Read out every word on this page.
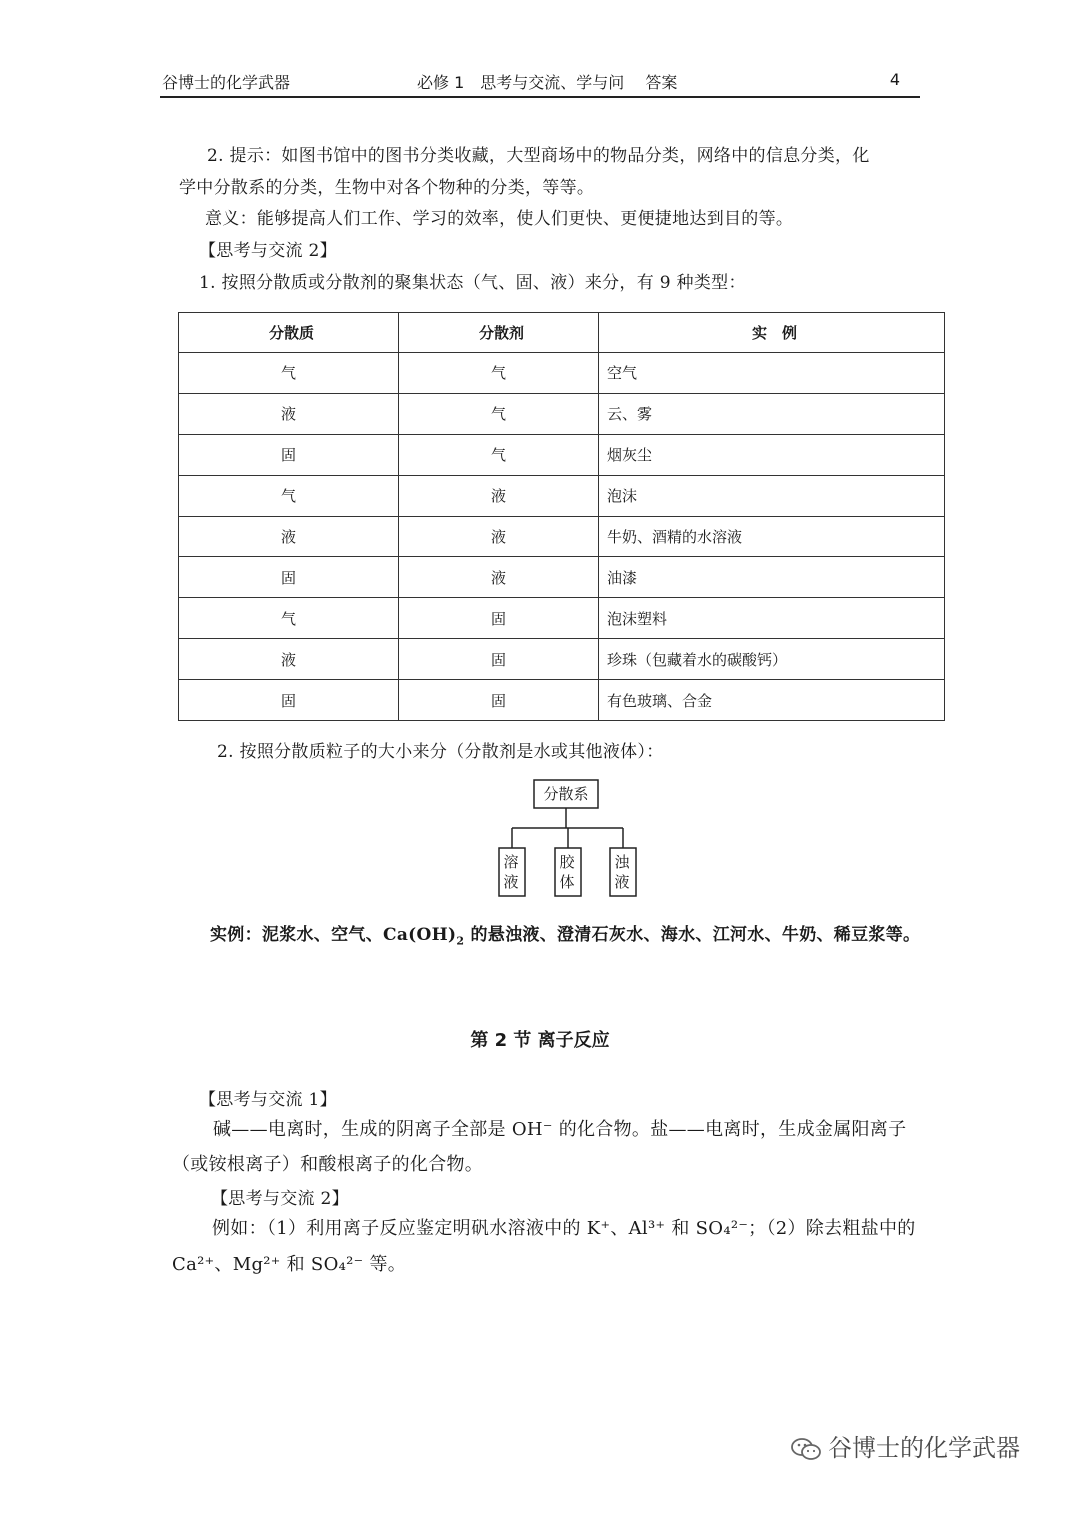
谷博士的化学武器	必修 1　思考与交流、学与问　 答案	4
2. 提示：如图书馆中的图书分类收藏，大型商场中的物品分类，网络中的信息分类，化
学中分散系的分类，生物中对各个物种的分类，等等。
意义：能够提高人们工作、学习的效率，使人们更快、更便捷地达到目的等。
【思考与交流 2】
1. 按照分散质或分散剂的聚集状态（气、固、液）来分，有 9 种类型：
分散质	分散剂	实　例
气	气	空气
液	气	云、雾
固	气	烟灰尘
气	液	泡沫
液	液	牛奶、酒精的水溶液
固	液	油漆
气	固	泡沫塑料
液	固	珍珠（包藏着水的碳酸钙）
固	固	有色玻璃、合金
2. 按照分散质粒子的大小来分（分散剂是水或其他液体）：
分散系
溶液
胶体
浊液
实例：泥浆水、空气、$Ca(OH)_2$ 的悬浊液、澄清石灰水、海水、江河水、牛奶、稀豆浆等。
第 2 节 离子反应
【思考与交流 1】
碱——电离时，生成的阴离子全部是 OH⁻ 的化合物。盐——电离时，生成金属阳离子
（或铵根离子）和酸根离子的化合物。
【思考与交流 2】
例如：（1）利用离子反应鉴定明矾水溶液中的 K⁺、Al³⁺ 和 SO₄²⁻；（2）除去粗盐中的
Ca²⁺、Mg²⁺ 和 SO₄²⁻ 等。
谷博士的化学武器
